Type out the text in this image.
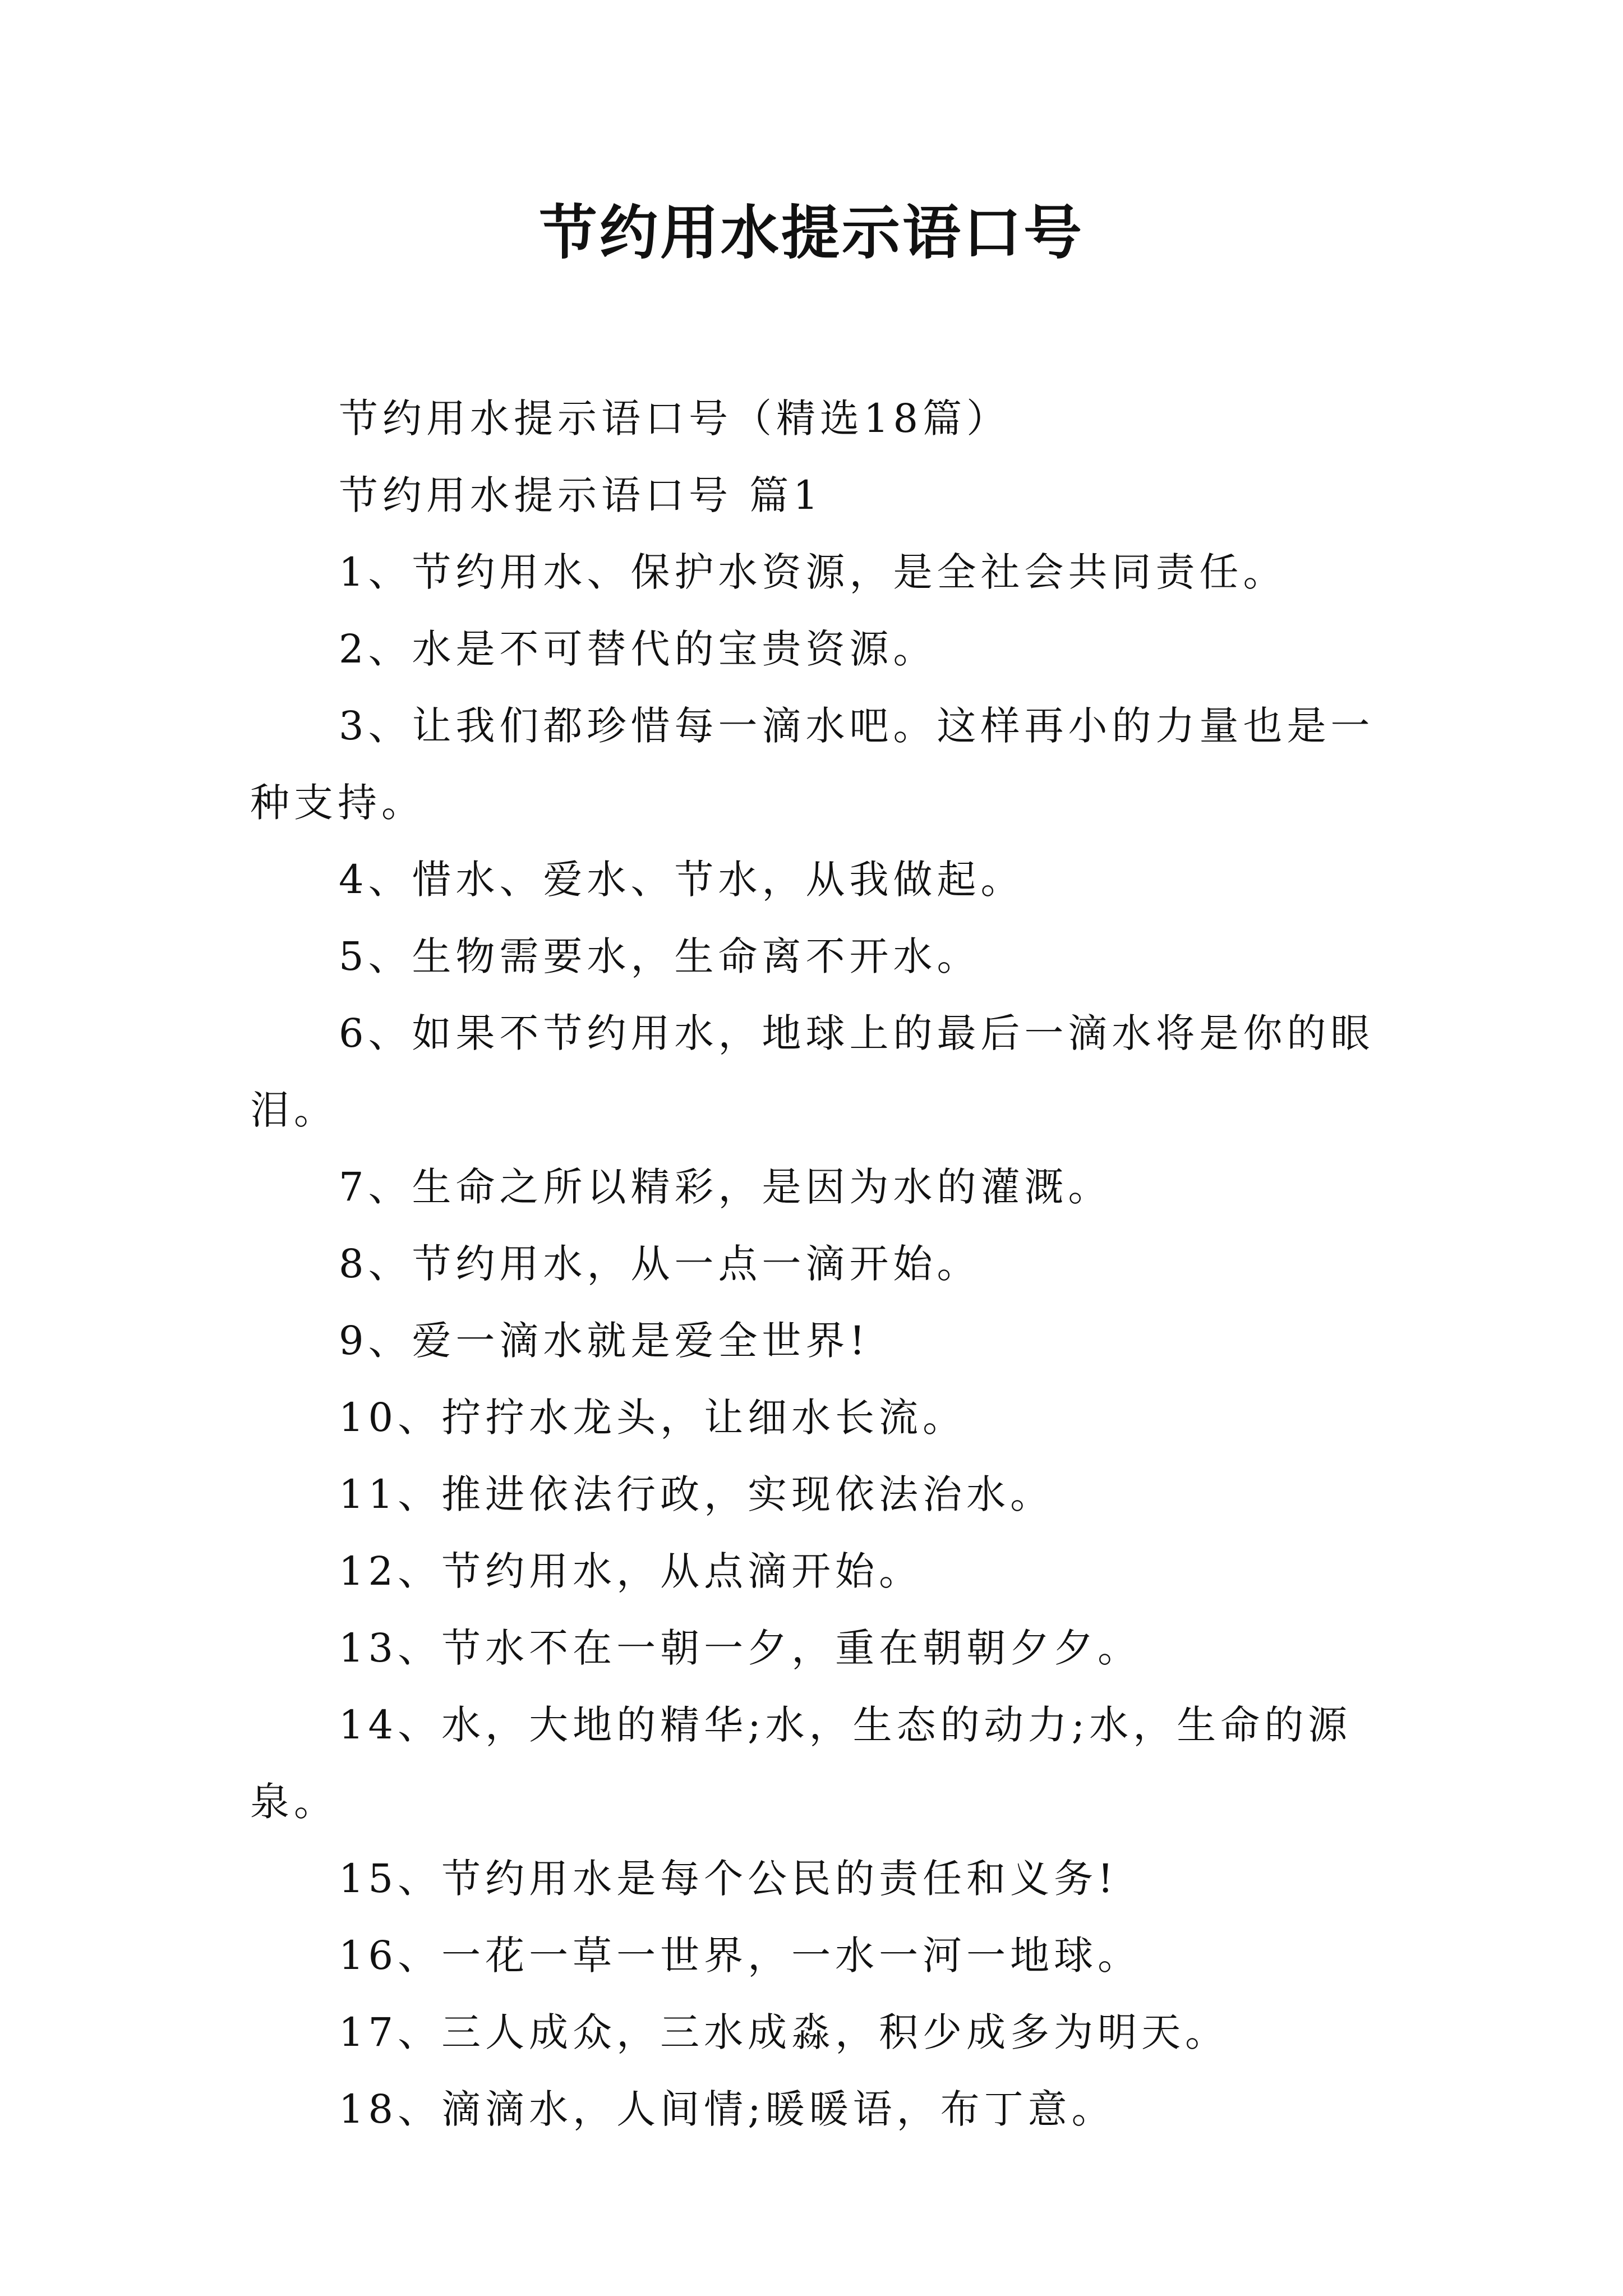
节约用水提示语口号

节约用水提示语口号（精选18篇）

节约用水提示语口号 篇1

1、节约用水、保护水资源，是全社会共同责任。

2、水是不可替代的宝贵资源。

3、让我们都珍惜每一滴水吧。这样再小的力量也是一种支持。

4、惜水、爱水、节水，从我做起。

5、生物需要水，生命离不开水。

6、如果不节约用水，地球上的最后一滴水将是你的眼泪。

7、生命之所以精彩，是因为水的灌溉。

8、节约用水，从一点一滴开始。

9、爱一滴水就是爱全世界!

10、拧拧水龙头，让细水长流。

11、推进依法行政，实现依法治水。

12、节约用水，从点滴开始。

13、节水不在一朝一夕，重在朝朝夕夕。

14、水，大地的精华;水，生态的动力;水，生命的源泉。

15、节约用水是每个公民的责任和义务!

16、一花一草一世界，一水一河一地球。

17、三人成众，三水成淼，积少成多为明天。

18、滴滴水，人间情;暖暖语，布丁意。
